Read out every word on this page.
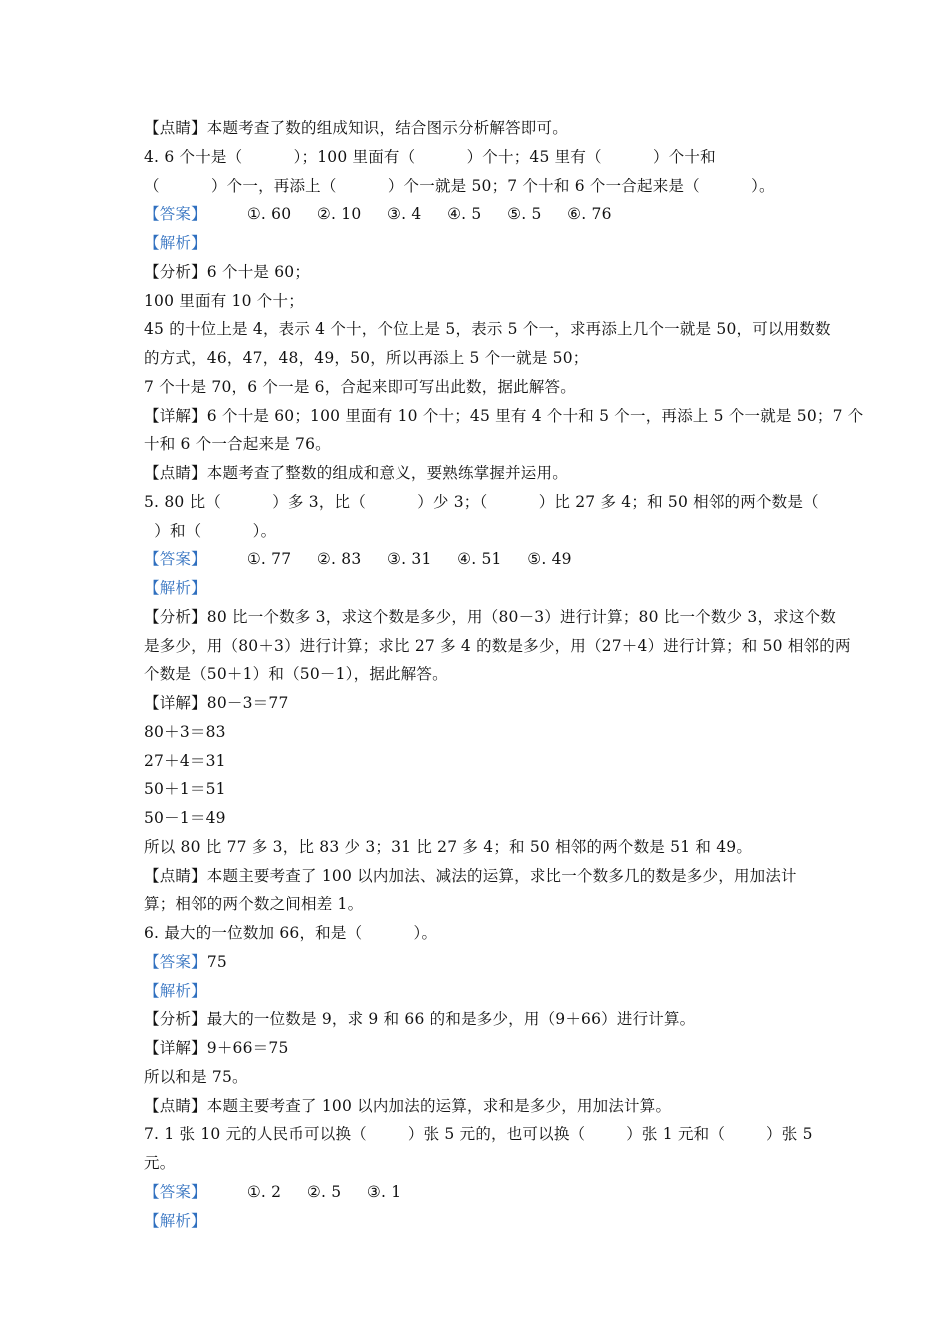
【点睛】本题考查了数的组成知识，结合图示分析解答即可。
4. 6 个十是（          ）；100 里面有（          ）个十；45 里有（          ）个十和
（          ）个一，再添上（          ）个一就是 50；7 个十和 6 个一合起来是（          ）。
【答案】	①. 60     ②. 10     ③. 4     ④. 5     ⑤. 5     ⑥. 76
【解析】
【分析】6 个十是 60；
100 里面有 10 个十；
45 的十位上是 4，表示 4 个十，个位上是 5，表示 5 个一，求再添上几个一就是 50，可以用数数
的方式，46，47，48，49，50，所以再添上 5 个一就是 50；
7 个十是 70，6 个一是 6，合起来即可写出此数，据此解答。
【详解】6 个十是 60；100 里面有 10 个十；45 里有 4 个十和 5 个一，再添上 5 个一就是 50；7 个
十和 6 个一合起来是 76。
【点睛】本题考查了整数的组成和意义，要熟练掌握并运用。
5. 80 比（          ）多 3，比（          ）少 3；（          ）比 27 多 4；和 50 相邻的两个数是（
）和（          ）。
【答案】	①. 77     ②. 83     ③. 31     ④. 51     ⑤. 49
【解析】
【分析】80 比一个数多 3，求这个数是多少，用（80－3）进行计算；80 比一个数少 3，求这个数
是多少，用（80＋3）进行计算；求比 27 多 4 的数是多少，用（27＋4）进行计算；和 50 相邻的两
个数是（50＋1）和（50－1），据此解答。
【详解】80－3＝77
80＋3＝83
27＋4＝31
50＋1＝51
50－1＝49
所以 80 比 77 多 3，比 83 少 3；31 比 27 多 4；和 50 相邻的两个数是 51 和 49。
【点睛】本题主要考查了 100 以内加法、减法的运算，求比一个数多几的数是多少，用加法计
算；相邻的两个数之间相差 1。
6. 最大的一位数加 66，和是（          ）。
【答案】75
【解析】
【分析】最大的一位数是 9，求 9 和 66 的和是多少，用（9＋66）进行计算。
【详解】9＋66＝75
所以和是 75。
【点睛】本题主要考查了 100 以内加法的运算，求和是多少，用加法计算。
7. 1 张 10 元的人民币可以换（        ）张 5 元的，也可以换（        ）张 1 元和（        ）张 5
元。
【答案】	①. 2     ②. 5     ③. 1
【解析】
